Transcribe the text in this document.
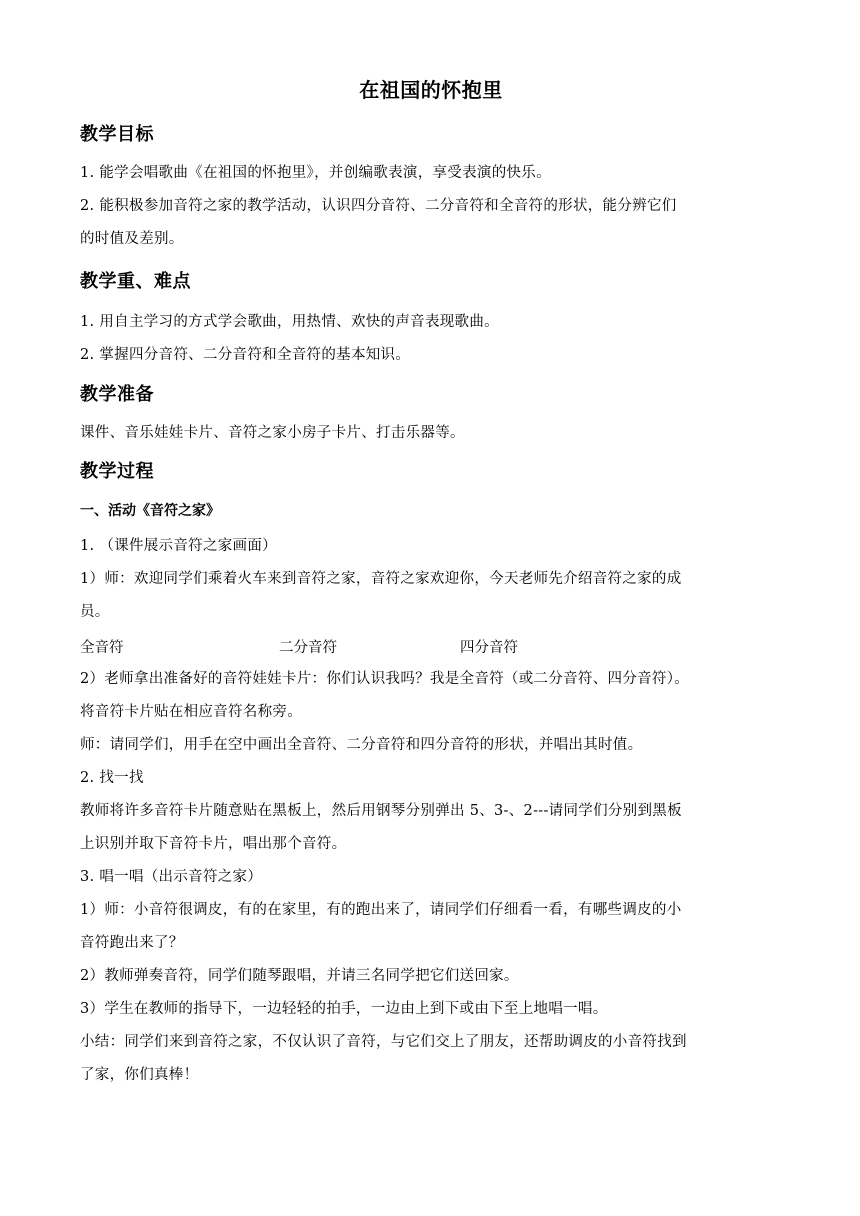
在祖国的怀抱里
教学目标
1. 能学会唱歌曲《在祖国的怀抱里》，并创编歌表演，享受表演的快乐。
2. 能积极参加音符之家的教学活动，认识四分音符、二分音符和全音符的形状，能分辨它们
的时值及差别。
教学重、难点
1. 用自主学习的方式学会歌曲，用热情、欢快的声音表现歌曲。
2. 掌握四分音符、二分音符和全音符的基本知识。
教学准备
课件、音乐娃娃卡片、音符之家小房子卡片、打击乐器等。
教学过程
一、活动《音符之家》
1. （课件展示音符之家画面）
1）师：欢迎同学们乘着火车来到音符之家，音符之家欢迎你，今天老师先介绍音符之家的成
员。
全音符	二分音符	四分音符
2）老师拿出准备好的音符娃娃卡片：你们认识我吗？我是全音符（或二分音符、四分音符）。
将音符卡片贴在相应音符名称旁。
师：请同学们，用手在空中画出全音符、二分音符和四分音符的形状，并唱出其时值。
2. 找一找
教师将许多音符卡片随意贴在黑板上，然后用钢琴分别弹出 5、3-、2---请同学们分别到黑板
上识别并取下音符卡片，唱出那个音符。
3. 唱一唱（出示音符之家）
1）师：小音符很调皮，有的在家里，有的跑出来了，请同学们仔细看一看，有哪些调皮的小
音符跑出来了？
2）教师弹奏音符，同学们随琴跟唱，并请三名同学把它们送回家。
3）学生在教师的指导下，一边轻轻的拍手，一边由上到下或由下至上地唱一唱。
小结：同学们来到音符之家，不仅认识了音符，与它们交上了朋友，还帮助调皮的小音符找到
了家，你们真棒！
